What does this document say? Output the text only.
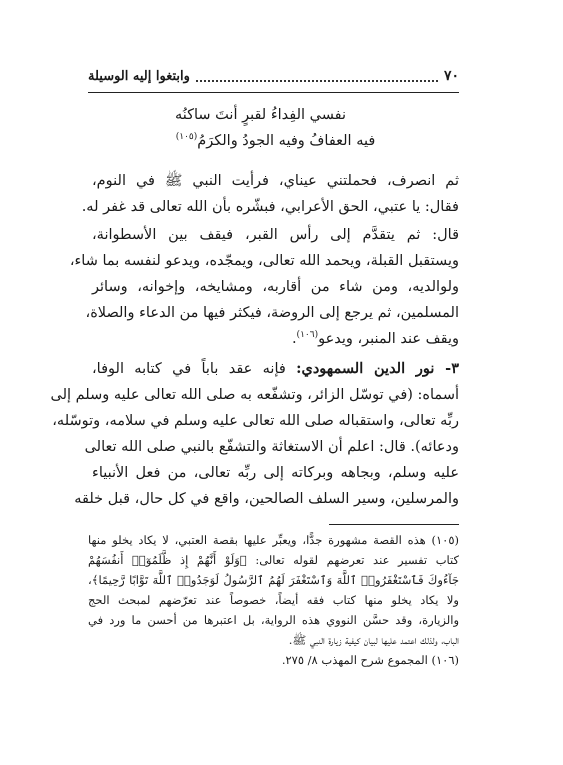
٧٠
وابتغوا إليه الوسيلة
نفسي الفِداءُ لقبرٍ أنتَ ساكنُه
فيه العفافُ وفيه الجودُ والكرَمُ$^{(١٠٥)}$
ثم انصرف، فحملتني عيناي، فرأيت النبي ﷺ في النوم،
فقال: يا عتبي، الحق الأعرابي، فبشّره بأن الله تعالى قد غفر له.
قال: ثم يتقدَّم إلى رأس القبر، فيقف بين الأسطوانة،
ويستقبل القبلة، ويحمد الله تعالى، ويمجّده، ويدعو لنفسه بما شاء،
ولوالديه، ومن شاء من أقاربه، ومشايخه، وإخوانه، وسائر
المسلمين، ثم يرجع إلى الروضة، فيكثر فيها من الدعاء والصلاة،
ويقف عند المنبر، ويدعو$^{(١٠٦)}$.
٣- نور الدين السمهودي: فإنه عقد باباً في كتابه الوفا،
أسماه: (في توسّل الزائر، وتشفّعه به صلى الله تعالى عليه وسلم إلى
ربِّه تعالى، واستقباله صلى الله تعالى عليه وسلم في سلامه، وتوسّله،
ودعائه). قال: اعلم أن الاستغاثة والتشفّع بالنبي صلى الله تعالى
عليه وسلم، وبجاهه وبركاته إلى ربِّه تعالى، من فعل الأنبياء
والمرسلين، وسير السلف الصالحين، واقع في كل حال، قبل خلقه
(١٠٥) هذه القصة مشهورة جدًّا، ويعبِّر عليها بقصة العتبي، لا يكاد يخلو منها
كتاب تفسير عند تعرضهم لقوله تعالى: ﴿وَلَوْ أَنَّهُمْ إِذ ظَّلَمُوٓا۟ أَنفُسَهُمْ
جَآءُوكَ فَٱسْتَغْفَرُوا۟ ٱللَّهَ وَٱسْتَغْفَرَ لَهُمُ ٱلرَّسُولُ لَوَجَدُوا۟ ٱللَّهَ تَوَّابًا رَّحِيمًا﴾،
ولا يكاد يخلو منها كتاب فقه أيضاً، خصوصاً عند تعرّضهم لمبحث الحج
والزيارة، وقد حسَّن النووي هذه الرواية، بل اعتبرها من أحسن ما ورد في
الباب، ولذلك اعتمد عليها لبيان كيفية زيارة النبي ﷺ.
(١٠٦) المجموع شرح المهذب ٨/ ٢٧٥.
